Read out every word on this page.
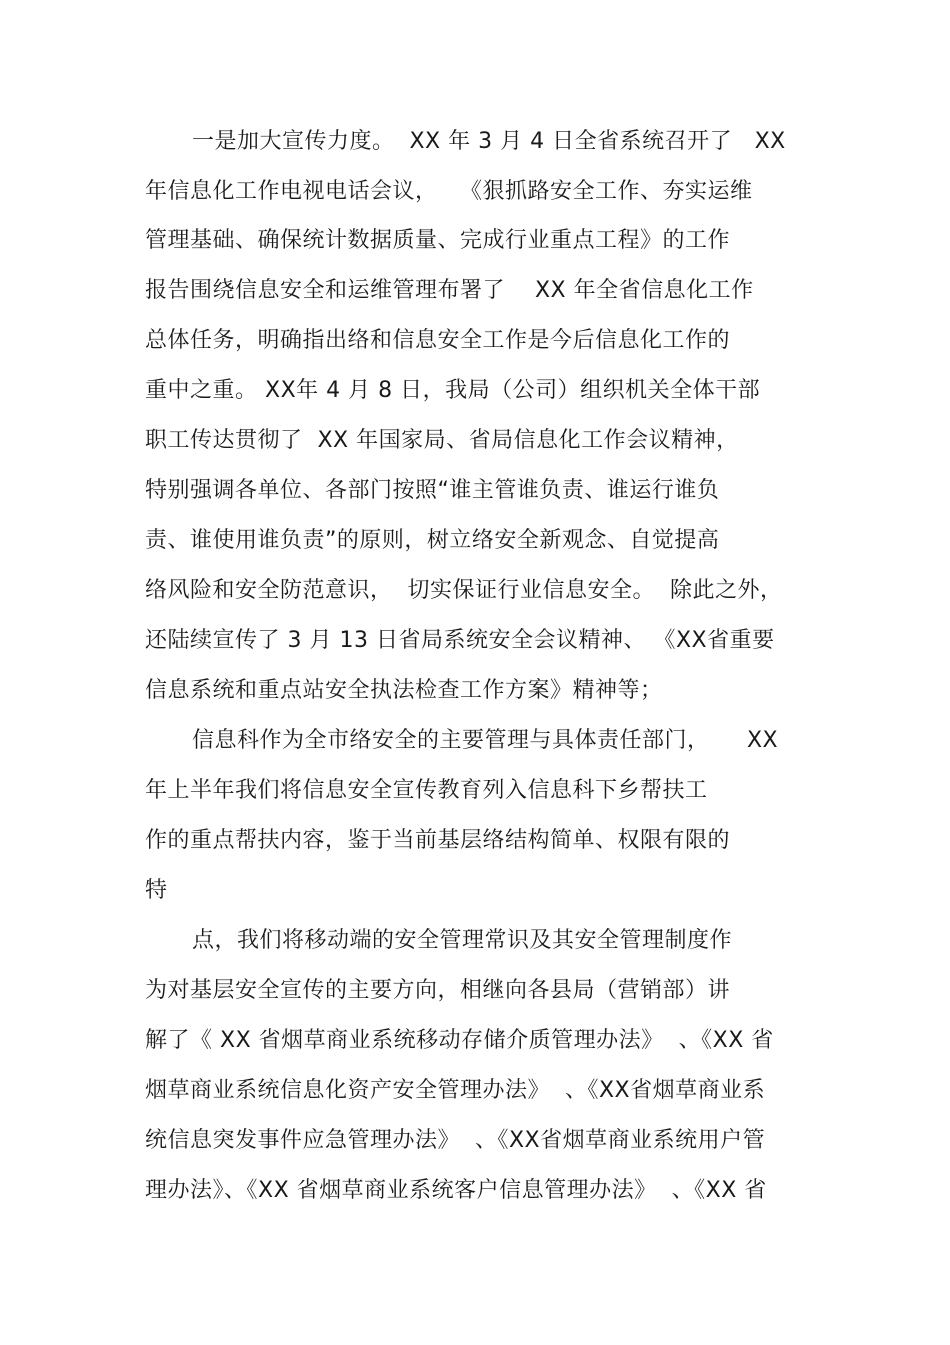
一是加大宣传力度。  XX 年 3 月 4 日全省系统召开了   XX
年信息化工作电视电话会议，   《狠抓路安全工作、夯实运维
管理基础、确保统计数据质量、完成行业重点工程》的工作
报告围绕信息安全和运维管理布署了    XX 年全省信息化工作
总体任务，明确指出络和信息安全工作是今后信息化工作的
重中之重。 XX年 4 月 8 日，我局（公司）组织机关全体干部
职工传达贯彻了  XX 年国家局、省局信息化工作会议精神，
特别强调各单位、各部门按照“谁主管谁负责、谁运行谁负
责、谁使用谁负责”的原则，树立络安全新观念、自觉提高
络风险和安全防范意识，  切实保证行业信息安全。  除此之外，
还陆续宣传了 3 月 13 日省局系统安全会议精神、 《XX省重要
信息系统和重点站安全执法检查工作方案》精神等；
信息科作为全市络安全的主要管理与具体责任部门，     XX
年上半年我们将信息安全宣传教育列入信息科下乡帮扶工
作的重点帮扶内容，鉴于当前基层络结构简单、权限有限的
特
点，我们将移动端的安全管理常识及其安全管理制度作
为对基层安全宣传的主要方向，相继向各县局（营销部）讲
解了《 XX 省烟草商业系统移动存储介质管理办法》  、《XX 省
烟草商业系统信息化资产安全管理办法》  、《XX省烟草商业系
统信息突发事件应急管理办法》  、《XX省烟草商业系统用户管
理办法》、《XX 省烟草商业系统客户信息管理办法》  、《XX 省
